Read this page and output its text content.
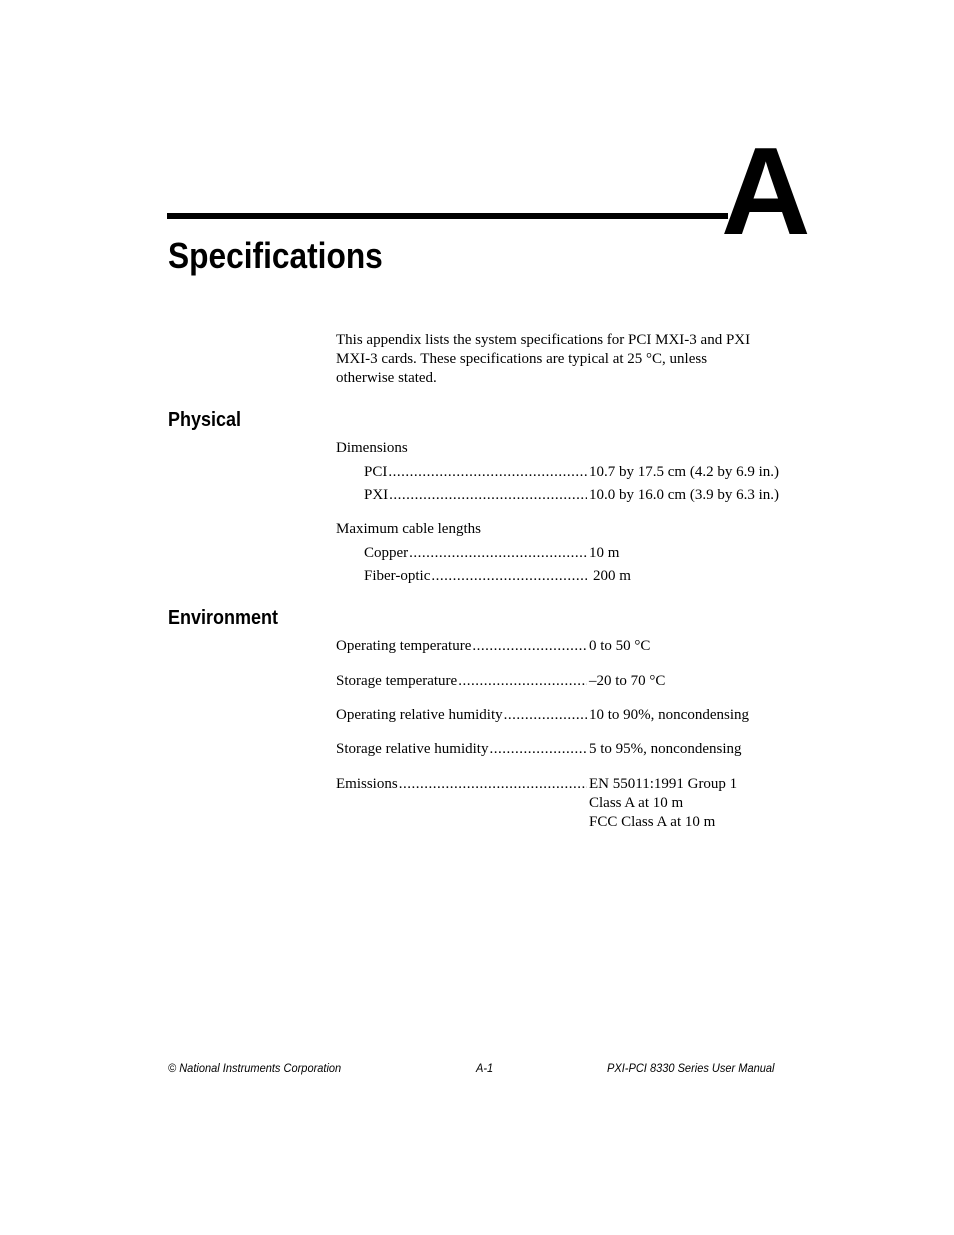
A
Specifications
This appendix lists the system specifications for PCI MXI-3 and PXI MXI-3 cards. These specifications are typical at 25 °C, unless otherwise stated.
Physical
Dimensions
PCI .....	10.7 by 17.5 cm (4.2 by 6.9 in.)
PXI .....	10.0 by 16.0 cm (3.9 by 6.3 in.)
Maximum cable lengths
Copper .....	10 m
Fiber-optic .....	200 m
Environment
Operating temperature .....	0 to 50 °C
Storage temperature .....	–20 to 70 °C
Operating relative humidity .....	10 to 90%, noncondensing
Storage relative humidity .....	5 to 95%, noncondensing
Emissions .....	EN 55011:1991 Group 1
Class A at 10 m
FCC Class A at 10 m
© National Instruments Corporation	A-1	PXI-PCI 8330 Series User Manual
